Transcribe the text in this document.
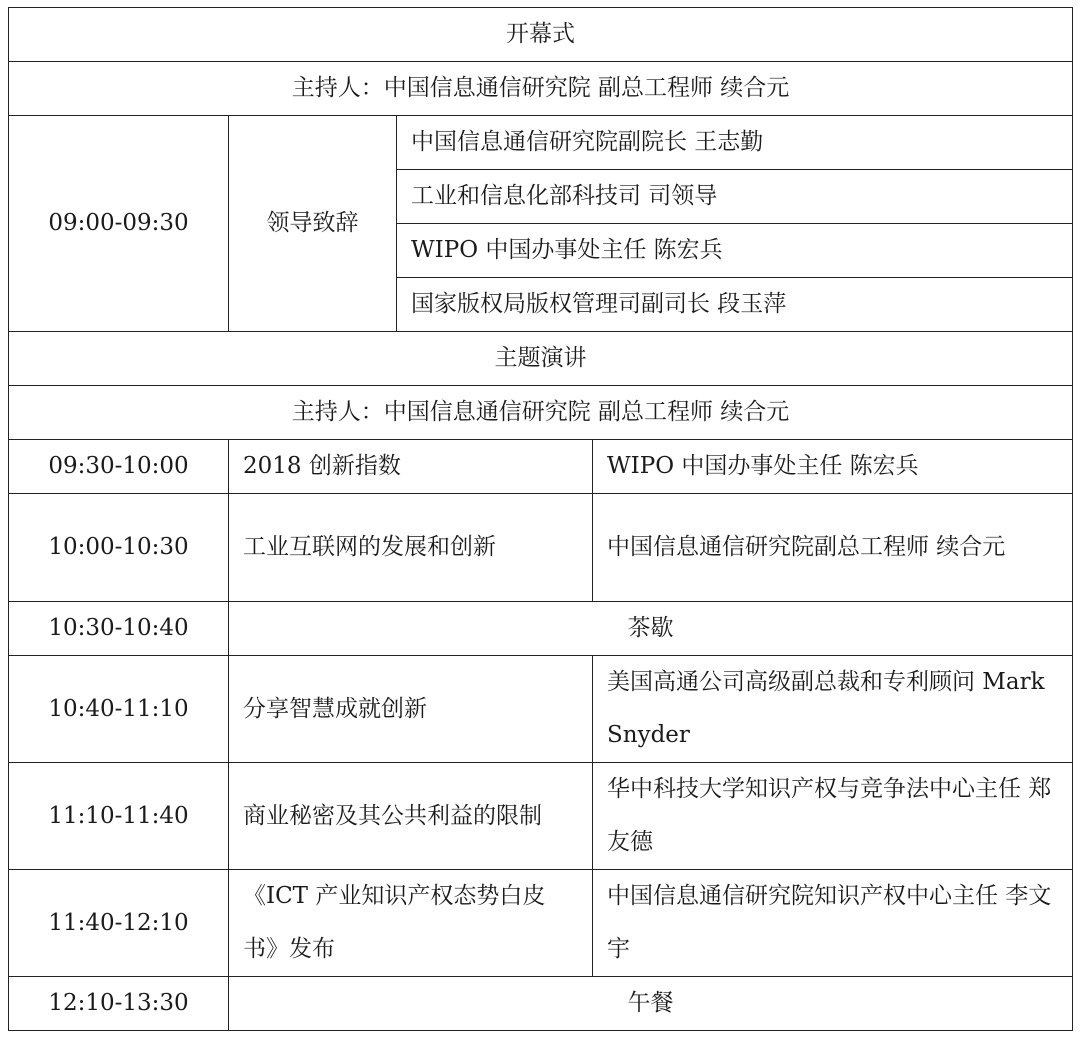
开幕式			
主持人：中国信息通信研究院 副总工程师 续合元			
09:00-09:30	领导致辞	中国信息通信研究院副院长 王志勤	
		工业和信息化部科技司 司领导	
		WIPO 中国办事处主任 陈宏兵	
		国家版权局版权管理司副司长 段玉萍	
主题演讲			
主持人：中国信息通信研究院 副总工程师 续合元			
09:30-10:00	2018 创新指数		WIPO 中国办事处主任 陈宏兵
10:00-10:30	工业互联网的发展和创新		中国信息通信研究院副总工程师 续合元
10:30-10:40	茶歇		
10:40-11:10	分享智慧成就创新		美国高通公司高级副总裁和专利顾问 Mark Snyder
11:10-11:40	商业秘密及其公共利益的限制		华中科技大学知识产权与竞争法中心主任 郑友德
11:40-12:10	《ICT 产业知识产权态势白皮书》发布		中国信息通信研究院知识产权中心主任 李文宇
12:10-13:30	午餐		
